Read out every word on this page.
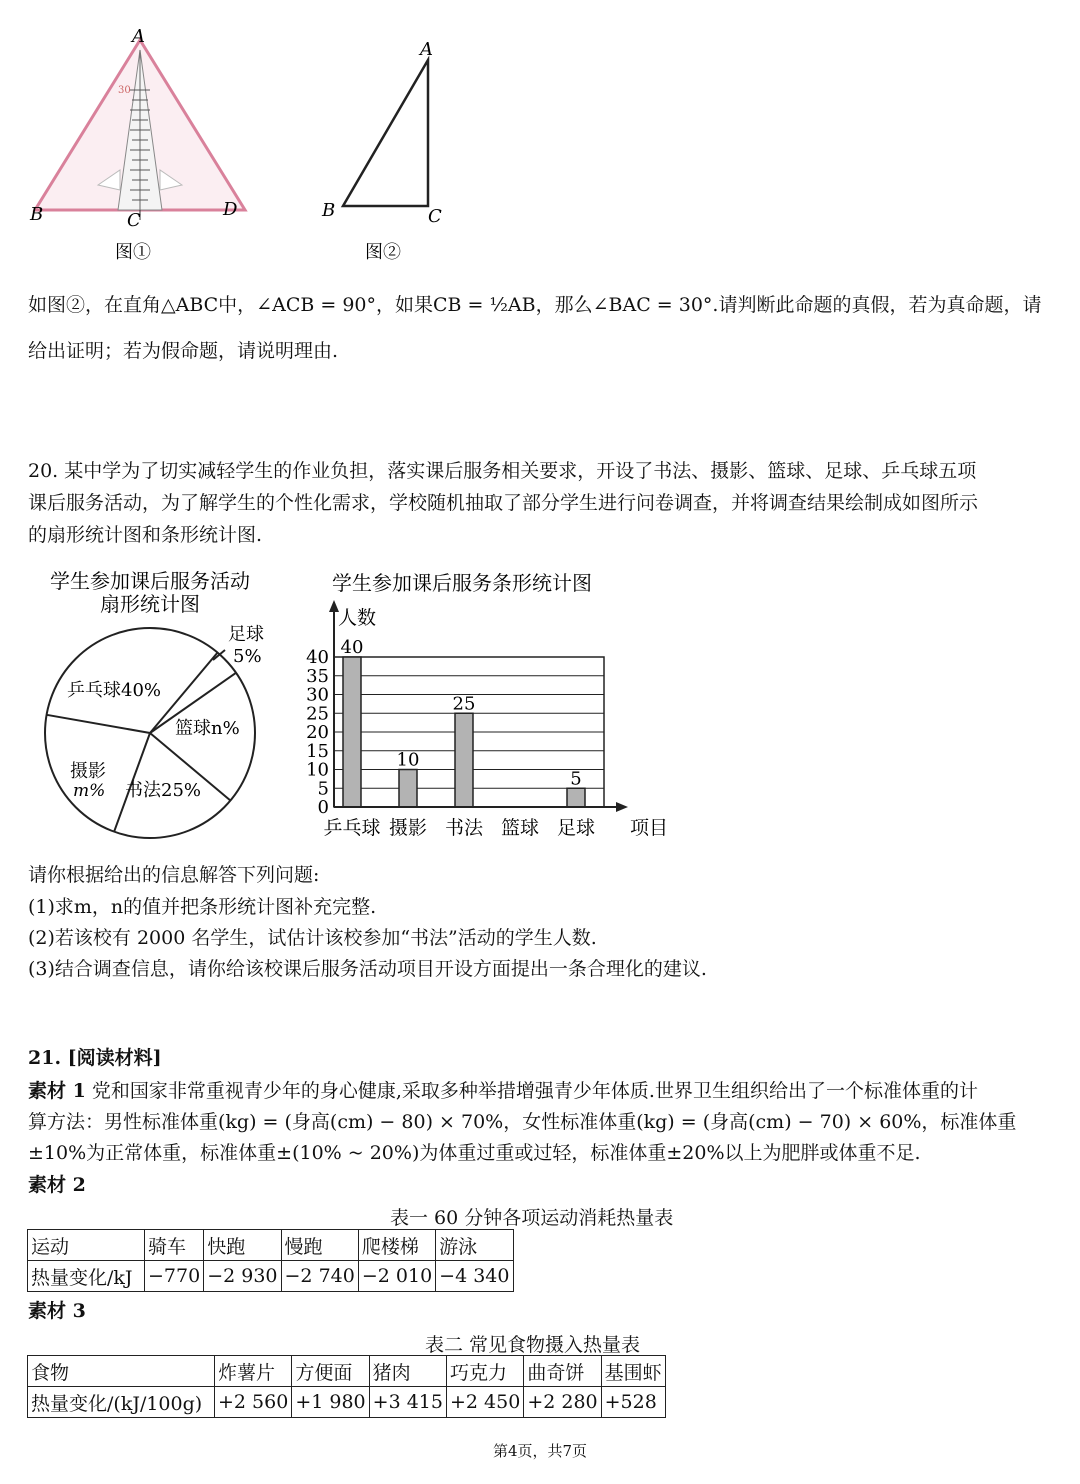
30
A
B	C
D
图①
A
B	C
图②
如图②，在直角△ABC中，∠ACB = 90°，如果CB = ½AB，那么∠BAC = 30°.请判断此命题的真假，若为真命题，请
给出证明；若为假命题，请说明理由.
20. 某中学为了切实减轻学生的作业负担，落实课后服务相关要求，开设了书法、摄影、篮球、足球、乒乓球五项
课后服务活动，为了解学生的个性化需求，学校随机抽取了部分学生进行问卷调查，并将调查结果绘制成如图所示
的扇形统计图和条形统计图.
学生参加课后服务活动
扇形统计图
乒乓球40%
足球
5%
篮球n%
书法25%
摄影
m%
学生参加课后服务条形统计图
人数
项目
0
5
10
15
20
25
30
35
40 40
乒乓球
10
摄影
25
书法 篮球
5
足球
请你根据给出的信息解答下列问题:
(1)求m，n的值并把条形统计图补充完整.
(2)若该校有 2000 名学生，试估计该校参加“书法”活动的学生人数.
(3)结合调查信息，请你给该校课后服务活动项目开设方面提出一条合理化的建议.
21. [阅读材料]
素材 1 党和国家非常重视青少年的身心健康,采取多种举措增强青少年体质.世界卫生组织给出了一个标准体重的计
算方法：男性标准体重(kg) = (身高(cm) − 80) × 70%，女性标准体重(kg) = (身高(cm) − 70) × 60%，标准体重
±10%为正常体重，标准体重±(10% ~ 20%)为体重过重或过轻，标准体重±20%以上为肥胖或体重不足.
素材 2
表一 60 分钟各项运动消耗热量表
运动	骑车	快跑	慢跑	爬楼梯	游泳
热量变化/kJ	−770	−2 930	−2 740	−2 010	−4 340
素材 3
表二 常见食物摄入热量表
食物	炸薯片	方便面	猪肉	巧克力	曲奇饼	基围虾
热量变化/(kJ/100g)	+2 560	+1 980	+3 415	+2 450	+2 280	+528
第4页，共7页
